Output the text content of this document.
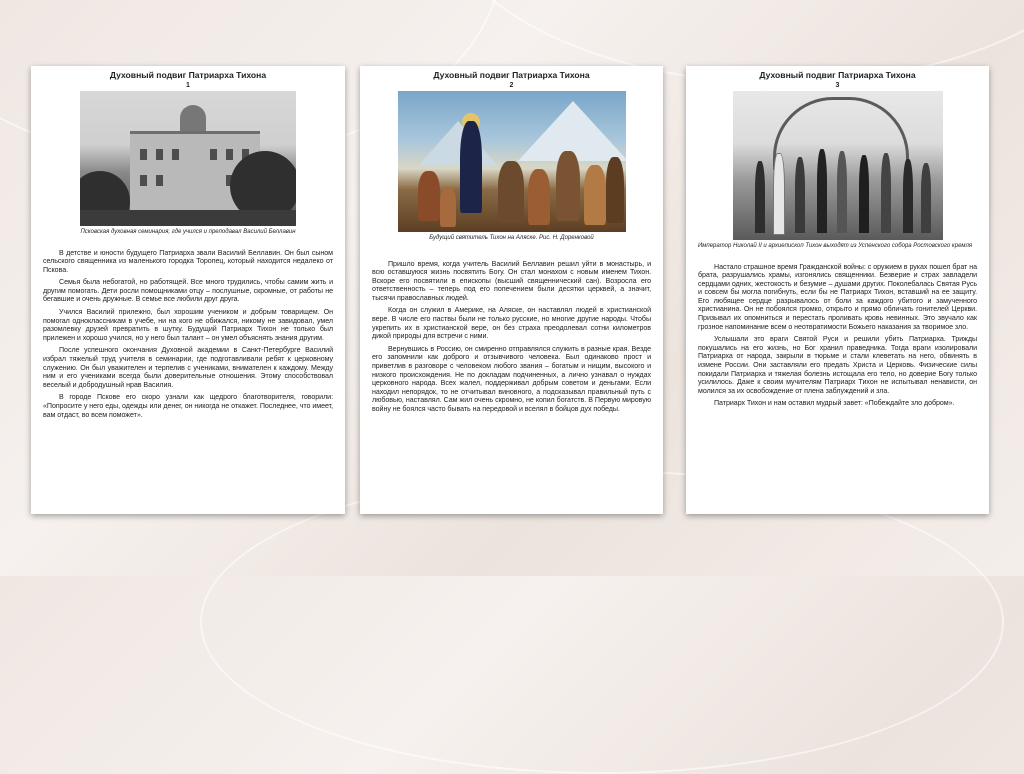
Духовный подвиг Патриарха Тихона

1

Псковская духовная семинария, где учился и преподавал Василий Беллавин

В детстве и юности будущего Патриарха звали Василий Беллавин. Он был сыном сельского священника из маленького городка Торопец, который находится недалеко от Пскова.

Семья была небогатой, но работящей. Все много трудились, чтобы самим жить и другим помогать. Дети росли помощниками отцу – послушные, скромные, от работы не бегавшие и очень дружные. В семье все любили друг друга.

Учился Василий прилежно, был хорошим учеником и добрым товарищем. Он помогал одноклассникам в учебе, ни на кого не обижался, никому не завидовал, умел разомлевку друзей превратить в шутку. Будущий Патриарх Тихон не только был прилежен и хорошо учился, но у него был талант – он умел объяснять знания другим.

После успешного окончания Духовной академии в Санкт-Петербурге Василий избрал тяжелый труд учителя в семинарии, где подготавливали ребят к церковному служению. Он был уважителен и терпелив с учениками, внимателен к каждому. Между ним и его учениками всегда были доверительные отношения. Этому способствовал веселый и добродушный нрав Василия.

В городе Пскове его скоро узнали как щедрого благотворителя, говорили: «Попросите у него еды, одежды или денег, он никогда не откажет. Последнее, что имеет, вам отдаст, во всем поможет».

Духовный подвиг Патриарха Тихона

2

Будущий святитель Тихон на Аляске. Рис. Н. Доренковой

Пришло время, когда учитель Василий Беллавин решил уйти в монастырь, и всю оставшуюся жизнь посвятить Богу. Он стал монахом с новым именем Тихон. Вскоре его посвятили в епископы (высший священнический сан). Возросла его ответственность – теперь под его попечением были десятки церквей, а значит, тысячи православных людей.

Когда он служил в Америке, на Аляске, он наставлял людей в христианской вере. В числе его паствы были не только русские, но многие другие народы. Чтобы укрепить их в христианской вере, он без страха преодолевал сотни километров дикой природы для встречи с ними.

Вернувшись в Россию, он смиренно отправлялся служить в разные края. Везде его запомнили как доброго и отзывчивого человека. Был одинаково прост и приветлив в разговоре с человеком любого звания – богатым и нищим, высокого и низкого происхождения. Не по докладам подчиненных, а лично узнавал о нуждах церковного народа. Всех жалел, поддерживал добрым советом и деньгами. Если находил непорядок, то не отчитывал виновного, а подсказывал правильный путь с любовью, наставлял. Сам жил очень скромно, не копил богатств. В Первую мировую войну не боялся часто бывать на передовой и вселял в бойцов дух победы.

Духовный подвиг Патриарха Тихона

3

Император Николай II и архиепископ Тихон выходят из Успенского собора Ростовского кремля

Настало страшное время Гражданской войны: с оружием в руках пошел брат на брата, разрушались храмы, изгонялись священники. Безверие и страх завладели сердцами одних, жестокость и безумие – душами других. Поколебалась Святая Русь и совсем бы могла погибнуть, если бы не Патриарх Тихон, вставший на ее защиту. Его любящее сердце разрывалось от боли за каждого убитого и замученного христианина. Он не побоялся громко, открыто и прямо обличать гонителей Церкви. Призывал их опомниться и перестать проливать кровь невинных. Это звучало как грозное напоминание всем о неотвратимости Божьего наказания за творимое зло.

Услышали это враги Святой Руси и решили убить Патриарха. Трижды покушались на его жизнь, но Бог хранил праведника. Тогда враги изолировали Патриарха от народа, закрыли в тюрьме и стали клеветать на него, обвинять в измене России. Они заставляли его предать Христа и Церковь. Физические силы покидали Патриарха и тяжелая болезнь истощала его тело, но доверие Богу только усилилось. Даже к своим мучителям Патриарх Тихон не испытывал ненависти, он молился за их освобождение от плена заблуждений и зла.

Патриарх Тихон и нам оставил мудрый завет: «Побеждайте зло добром».
